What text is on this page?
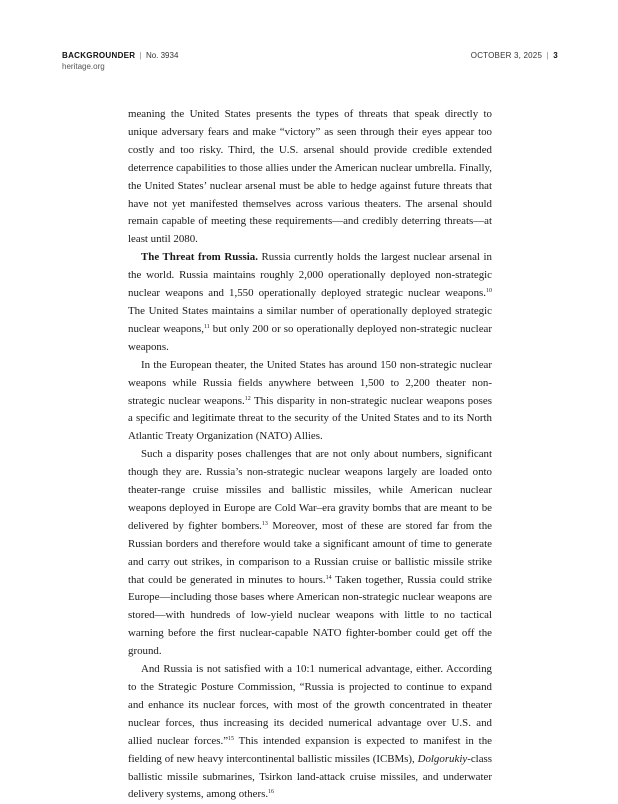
BACKGROUNDER | No. 3934	OCTOBER 3, 2025 | 3
heritage.org

meaning the United States presents the types of threats that speak directly to unique adversary fears and make “victory” as seen through their eyes appear too costly and too risky. Third, the U.S. arsenal should provide credible extended deterrence capabilities to those allies under the American nuclear umbrella. Finally, the United States’ nuclear arsenal must be able to hedge against future threats that have not yet manifested themselves across various theaters. The arsenal should remain capable of meeting these requirements—and credibly deterring threats—at least until 2080.

The Threat from Russia. Russia currently holds the largest nuclear arsenal in the world. Russia maintains roughly 2,000 operationally deployed non-strategic nuclear weapons and 1,550 operationally deployed strategic nuclear weapons.$^{10}$ The United States maintains a similar number of operationally deployed strategic nuclear weapons,$^{11}$ but only 200 or so operationally deployed non-strategic nuclear weapons.

In the European theater, the United States has around 150 non-strategic nuclear weapons while Russia fields anywhere between 1,500 to 2,200 theater non-strategic nuclear weapons.$^{12}$ This disparity in non-strategic nuclear weapons poses a specific and legitimate threat to the security of the United States and to its North Atlantic Treaty Organization (NATO) Allies.

Such a disparity poses challenges that are not only about numbers, significant though they are. Russia’s non-strategic nuclear weapons largely are loaded onto theater-range cruise missiles and ballistic missiles, while American nuclear weapons deployed in Europe are Cold War–era gravity bombs that are meant to be delivered by fighter bombers.$^{13}$ Moreover, most of these are stored far from the Russian borders and therefore would take a significant amount of time to generate and carry out strikes, in comparison to a Russian cruise or ballistic missile strike that could be generated in minutes to hours.$^{14}$ Taken together, Russia could strike Europe—including those bases where American non-strategic nuclear weapons are stored—with hundreds of low-yield nuclear weapons with little to no tactical warning before the first nuclear-capable NATO fighter-bomber could get off the ground.

And Russia is not satisfied with a 10:1 numerical advantage, either. According to the Strategic Posture Commission, “Russia is projected to continue to expand and enhance its nuclear forces, with most of the growth concentrated in theater nuclear forces, thus increasing its decided numerical advantage over U.S. and allied nuclear forces.”$^{15}$ This intended expansion is expected to manifest in the fielding of new heavy intercontinental ballistic missiles (ICBMs), Dolgorukiy-class ballistic missile submarines, Tsirkon land-attack cruise missiles, and underwater delivery systems, among others.$^{16}$
